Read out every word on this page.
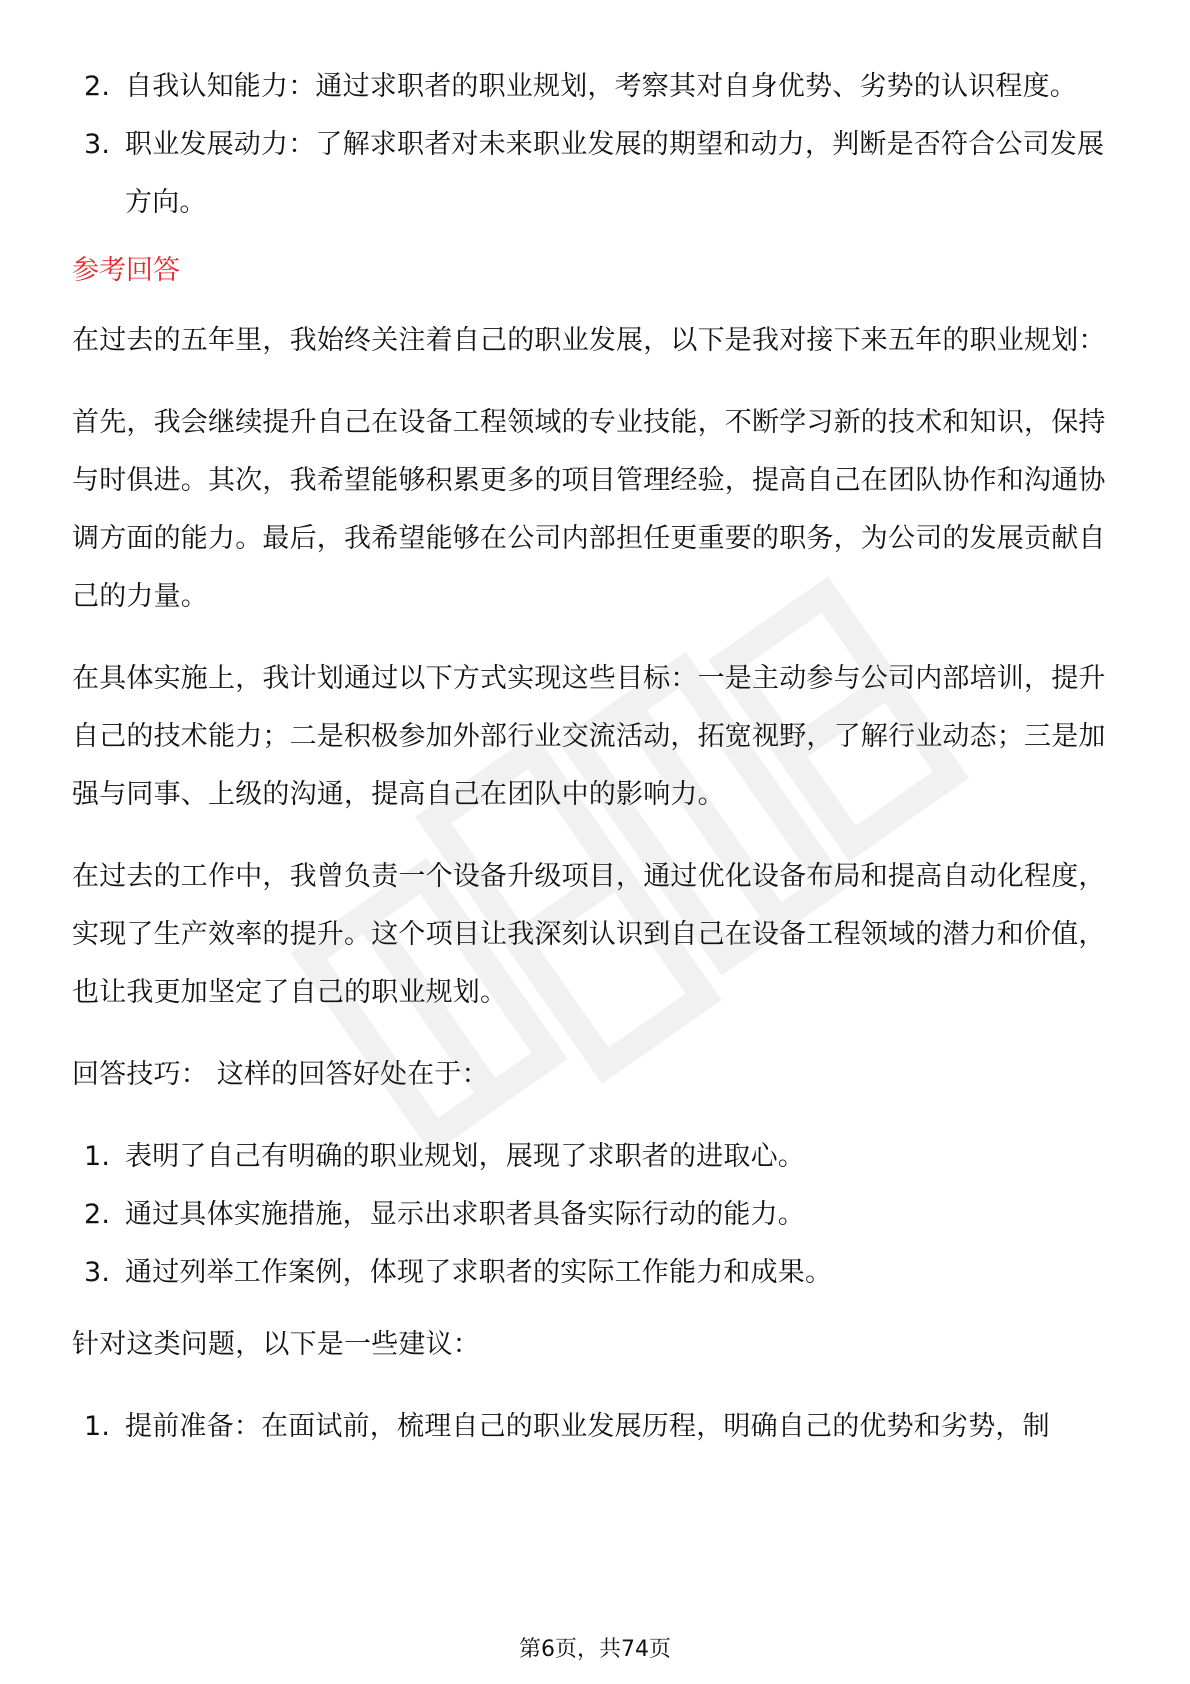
2. 自我认知能力：通过求职者的职业规划，考察其对自身优势、劣势的认识程度。
3. 职业发展动力：了解求职者对未来职业发展的期望和动力，判断是否符合公司发展方向。
参考回答

在过去的五年里，我始终关注着自己的职业发展，以下是我对接下来五年的职业规划：

首先，我会继续提升自己在设备工程领域的专业技能，不断学习新的技术和知识，保持与时俱进。其次，我希望能够积累更多的项目管理经验，提高自己在团队协作和沟通协调方面的能力。最后，我希望能够在公司内部担任更重要的职务，为公司的发展贡献自己的力量。

在具体实施上，我计划通过以下方式实现这些目标：一是主动参与公司内部培训，提升自己的技术能力；二是积极参加外部行业交流活动，拓宽视野，了解行业动态；三是加强与同事、上级的沟通，提高自己在团队中的影响力。

在过去的工作中，我曾负责一个设备升级项目，通过优化设备布局和提高自动化程度，实现了生产效率的提升。这个项目让我深刻认识到自己在设备工程领域的潜力和价值，也让我更加坚定了自己的职业规划。

回答技巧： 这样的回答好处在于：

1. 表明了自己有明确的职业规划，展现了求职者的进取心。
2. 通过具体实施措施，显示出求职者具备实际行动的能力。
3. 通过列举工作案例，体现了求职者的实际工作能力和成果。

针对这类问题，以下是一些建议：

1. 提前准备：在面试前，梳理自己的职业发展历程，明确自己的优势和劣势，制
第6页，共74页
